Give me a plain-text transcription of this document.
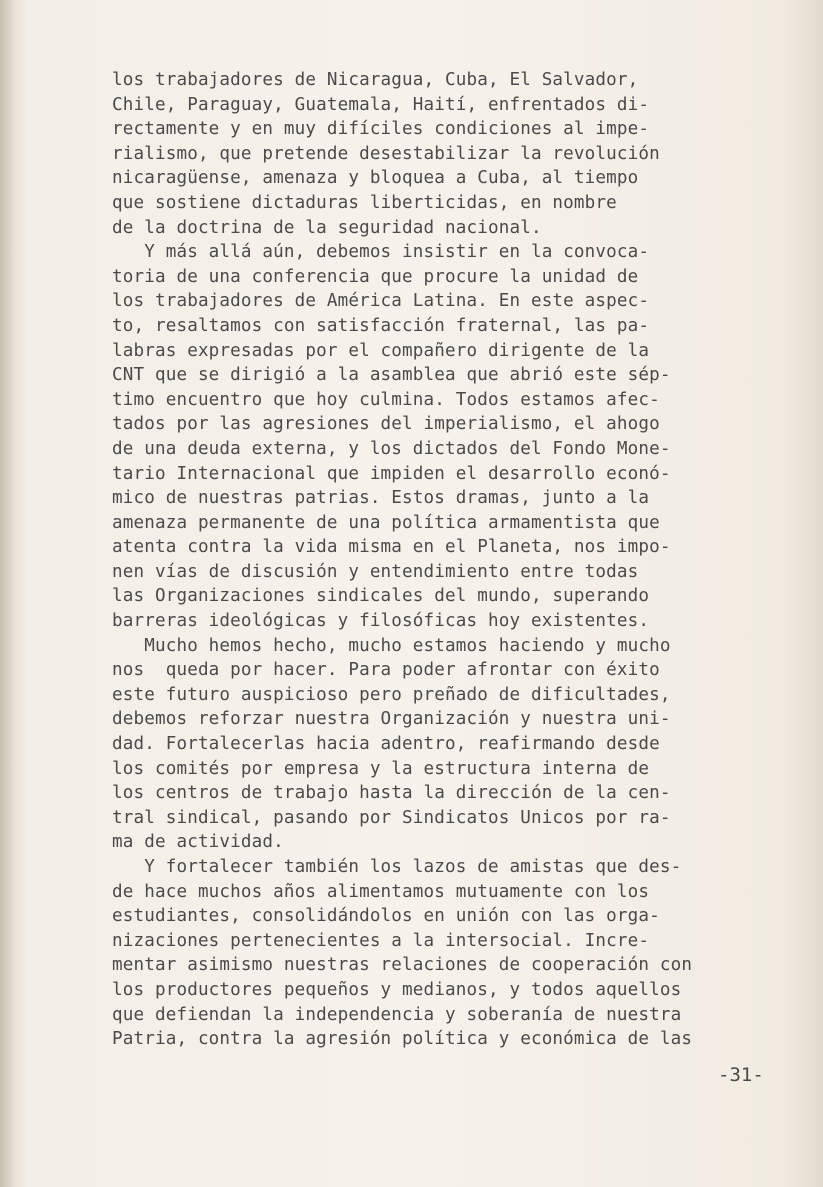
los trabajadores de Nicaragua, Cuba, El Salvador,
Chile, Paraguay, Guatemala, Haití, enfrentados di-
rectamente y en muy difíciles condiciones al impe-
rialismo, que pretende desestabilizar la revolución
nicaragüense, amenaza y bloquea a Cuba, al tiempo
que sostiene dictaduras liberticidas, en nombre
de la doctrina de la seguridad nacional.
Y más allá aún, debemos insistir en la convoca-
toria de una conferencia que procure la unidad de
los trabajadores de América Latina. En este aspec-
to, resaltamos con satisfacción fraternal, las pa-
labras expresadas por el compañero dirigente de la
CNT que se dirigió a la asamblea que abrió este sép-
timo encuentro que hoy culmina. Todos estamos afec-
tados por las agresiones del imperialismo, el ahogo
de una deuda externa, y los dictados del Fondo Mone-
tario Internacional que impiden el desarrollo econó-
mico de nuestras patrias. Estos dramas, junto a la
amenaza permanente de una política armamentista que
atenta contra la vida misma en el Planeta, nos impo-
nen vías de discusión y entendimiento entre todas
las Organizaciones sindicales del mundo, superando
barreras ideológicas y filosóficas hoy existentes.
Mucho hemos hecho, mucho estamos haciendo y mucho
nos  queda por hacer. Para poder afrontar con éxito
este futuro auspicioso pero preñado de dificultades,
debemos reforzar nuestra Organización y nuestra uni-
dad. Fortalecerlas hacia adentro, reafirmando desde
los comités por empresa y la estructura interna de
los centros de trabajo hasta la dirección de la cen-
tral sindical, pasando por Sindicatos Unicos por ra-
ma de actividad.
Y fortalecer también los lazos de amistas que des-
de hace muchos años alimentamos mutuamente con los
estudiantes, consolidándolos en unión con las orga-
nizaciones pertenecientes a la intersocial. Incre-
mentar asimismo nuestras relaciones de cooperación con
los productores pequeños y medianos, y todos aquellos
que defiendan la independencia y soberanía de nuestra
Patria, contra la agresión política y económica de las
-31-
